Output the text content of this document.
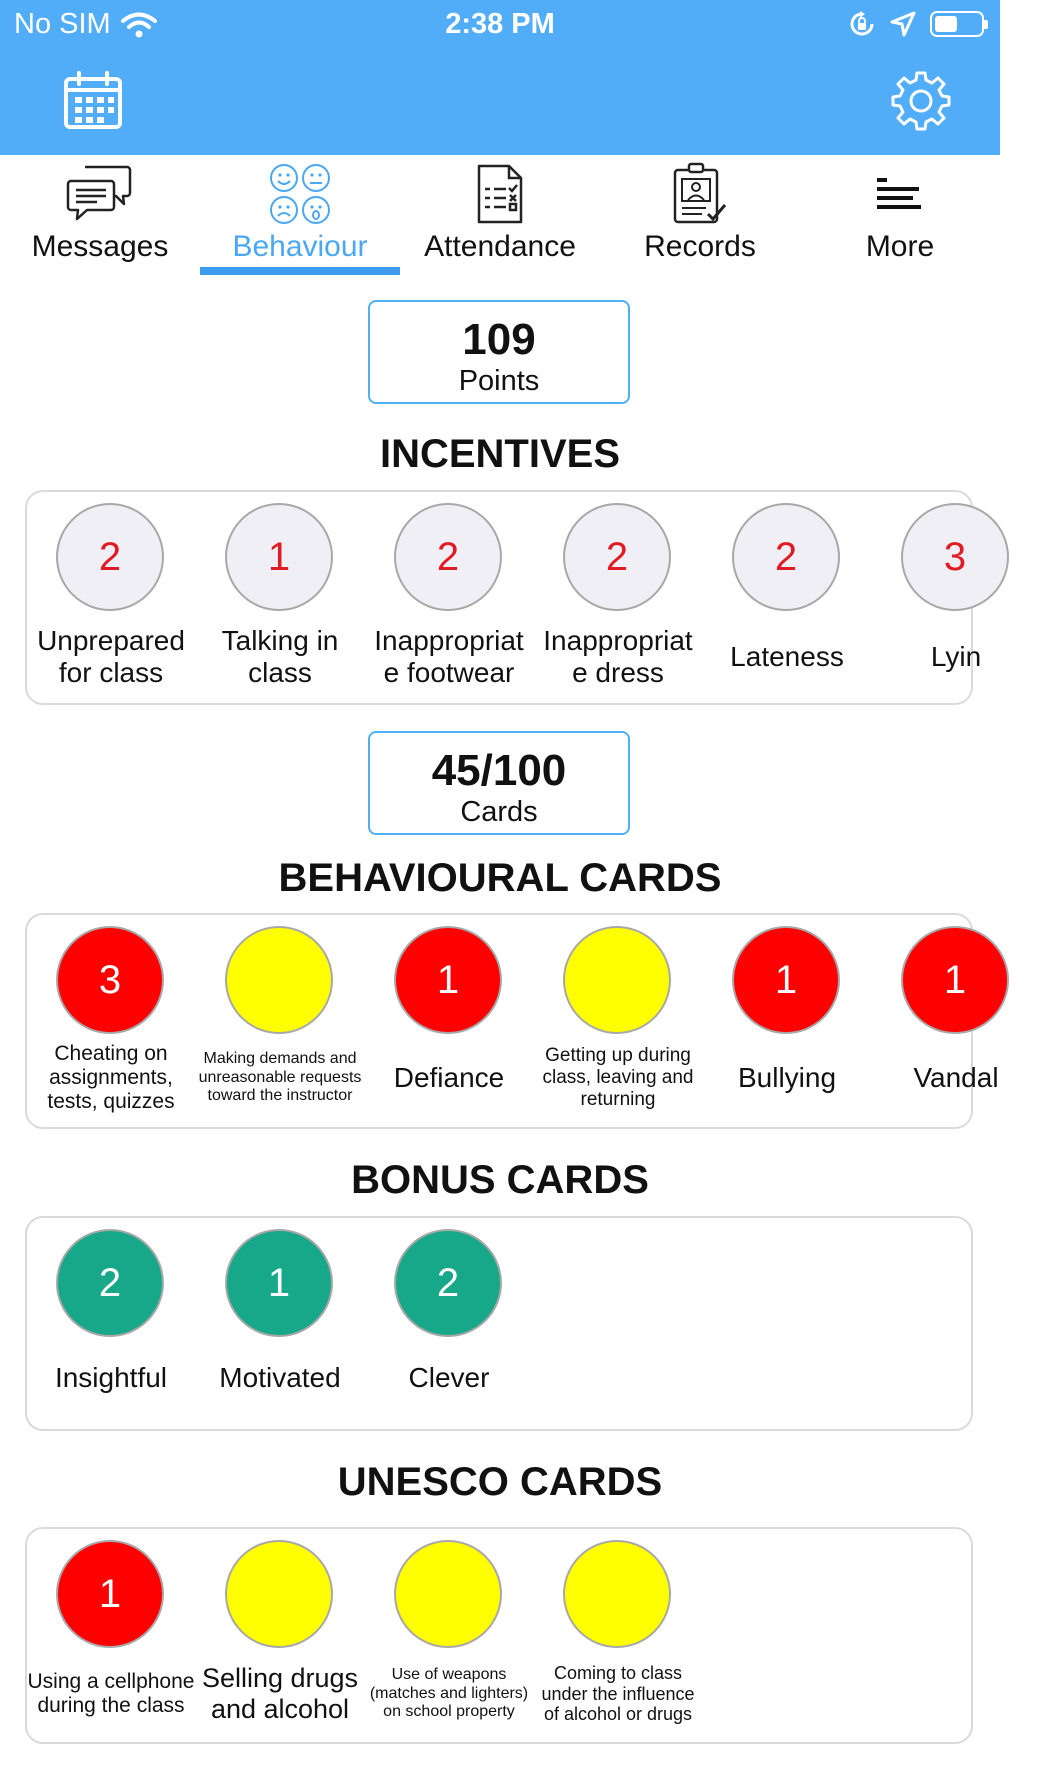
No SIM	2:38 PM
Messages Behaviour Attendance Records	More
109
Points
INCENTIVES
2
Unprepared for class
1
Talking in class
2
Inappropriat e footwear
2
Inappropriat e dress
2
Lateness
3
Lyin
45/100
Cards
BEHAVIOURAL CARDS
3
Cheating on assignments, tests, quizzes
Making demands and unreasonable requests toward the instructor
1
Defiance
Getting up during class, leaving and returning
1
Bullying
1
Vandal
BONUS CARDS
2
Insightful
1
Motivated
2
Clever
UNESCO CARDS
1
Using a cellphone during the class
Selling drugs and alcohol
Use of weapons (matches and lighters) on school property
Coming to class under the influence of alcohol or drugs
